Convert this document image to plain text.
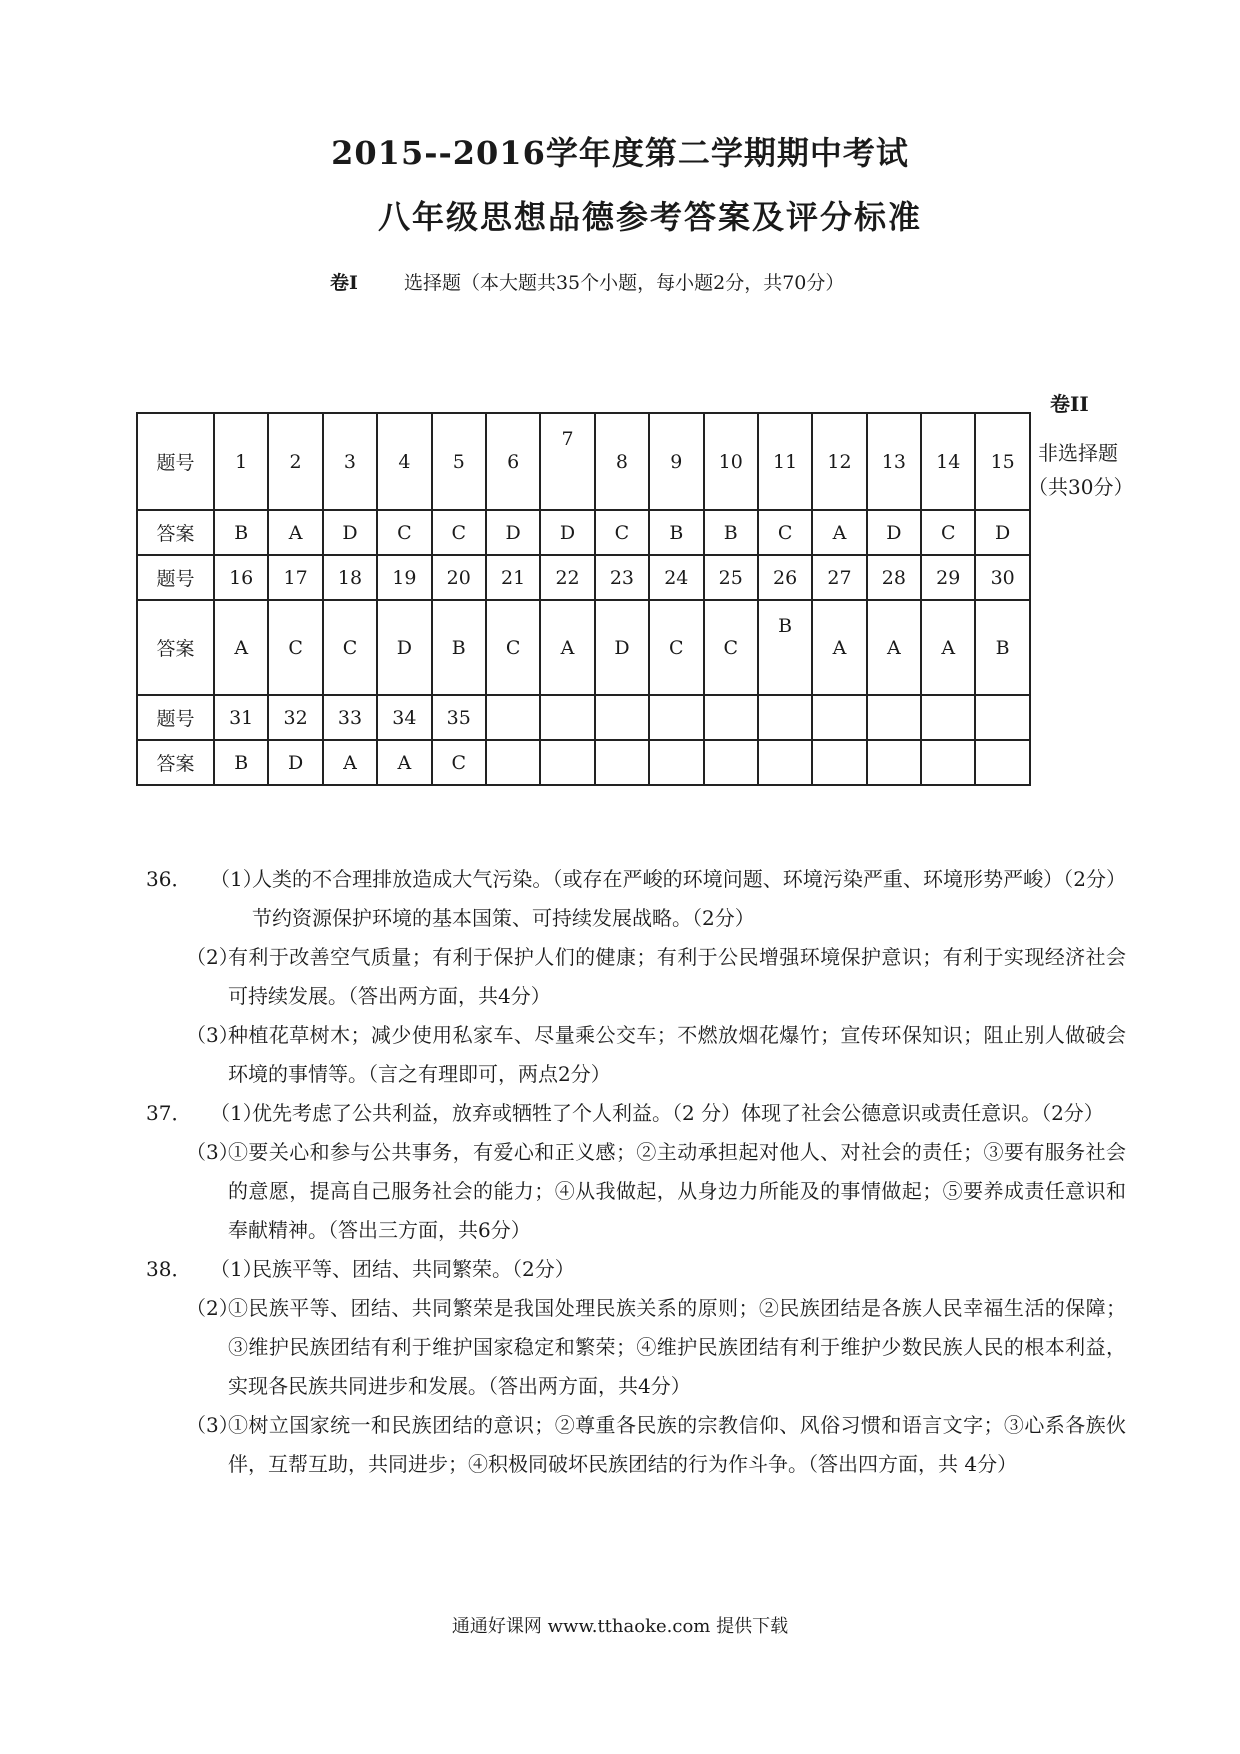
2015--2016学年度第二学期期中考试
八年级思想品德参考答案及评分标准
卷I 选择题（本大题共35个小题，每小题2分，共70分）
卷II
非选择题（共30分）
题号	1	2	3	4	5	6	7	8	9	10	11	12	13	14	15
答案	B	A	D	C	C	D	D	C	B	B	C	A	D	C	D
题号	16	17	18	19	20	21	22	23	24	25	26	27	28	29	30
答案	A	C	C	D	B	C	A	D	C	C	B	A	A	A	B
题号	31	32	33	34	35										
答案	B	D	A	A	C										
36． （1）
人类的不合理排放造成大气污染。（或存在严峻的环境问题、环境污染严重、环境形势严峻）（2分）节约资源保护环境的基本国策、可持续发展战略。（2分）
（2）
有利于改善空气质量；有利于保护人们的健康；有利于公民增强环境保护意识；有利于实现经济社会可持续发展。（答出两方面，共4分）
（3）
种植花草树木；减少使用私家车、尽量乘公交车；不燃放烟花爆竹；宣传环保知识；阻止别人做破会环境的事情等。（言之有理即可，两点2分）
37． （1）
优先考虑了公共利益，放弃或牺牲了个人利益。（2 分）体现了社会公德意识或责任意识。（2分）
（3）
①要关心和参与公共事务，有爱心和正义感；②主动承担起对他人、对社会的责任；③要有服务社会的意愿，提高自己服务社会的能力；④从我做起，从身边力所能及的事情做起；⑤要养成责任意识和奉献精神。（答出三方面，共6分）
38． （1）
民族平等、团结、共同繁荣。（2分）
（2）
①民族平等、团结、共同繁荣是我国处理民族关系的原则；②民族团结是各族人民幸福生活的保障；③维护民族团结有利于维护国家稳定和繁荣；④维护民族团结有利于维护少数民族人民的根本利益，实现各民族共同进步和发展。（答出两方面，共4分）
（3）
①树立国家统一和民族团结的意识；②尊重各民族的宗教信仰、风俗习惯和语言文字；③心系各族伙伴，互帮互助，共同进步；④积极同破坏民族团结的行为作斗争。（答出四方面，共 4分）
通通好课网 www.tthaoke.com 提供下载
